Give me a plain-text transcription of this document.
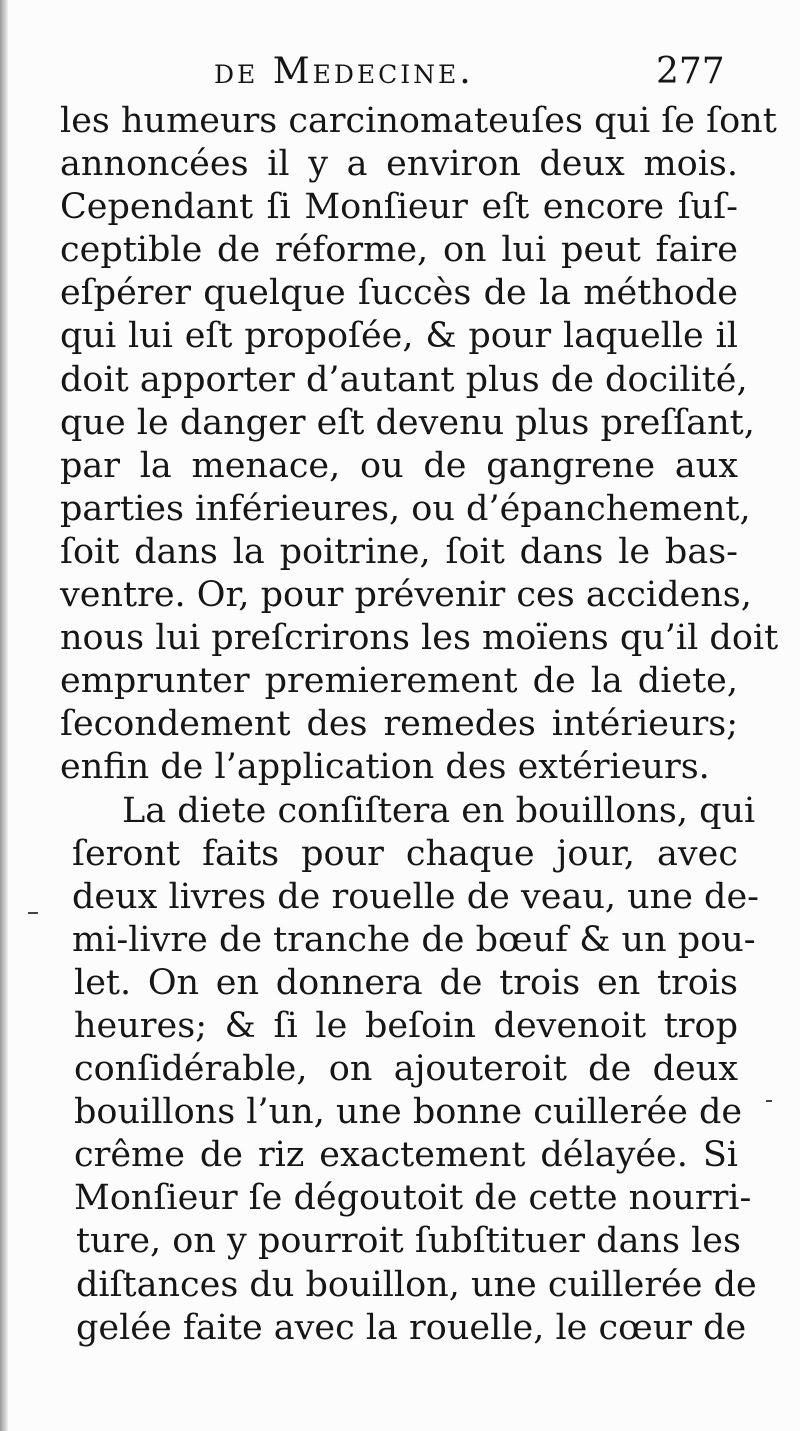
de Medecine.	277
les humeurs carcinomateuſes qui ſe ſont
annoncées il y a environ deux mois.
Cependant ſi Monſieur eſt encore ſuſ-
ceptible de réforme, on lui peut faire
eſpérer quelque ſuccès de la méthode
qui lui eſt propoſée, & pour laquelle il
doit apporter d’autant plus de docilité,
que le danger eſt devenu plus preſſant,
par la menace, ou de gangrene aux
parties inférieures, ou d’épanchement,
ſoit dans la poitrine, ſoit dans le bas-
ventre. Or, pour prévenir ces accidens,
nous lui preſcrirons les moïens qu’il doit
emprunter premierement de la diete,
ſecondement des remedes intérieurs;
enfin de l’application des extérieurs.
La diete conſiſtera en bouillons, qui
ſeront faits pour chaque jour, avec
deux livres de rouelle de veau, une de-
mi-livre de tranche de bœuf & un pou-
let. On en donnera de trois en trois
heures; & ſi le beſoin devenoit trop
conſidérable, on ajouteroit de deux
bouillons l’un, une bonne cuillerée de
crême de riz exactement délayée. Si
Monſieur ſe dégoutoit de cette nourri-
ture, on y pourroit ſubſtituer dans les
diſtances du bouillon, une cuillerée de
gelée faite avec la rouelle, le cœur de
